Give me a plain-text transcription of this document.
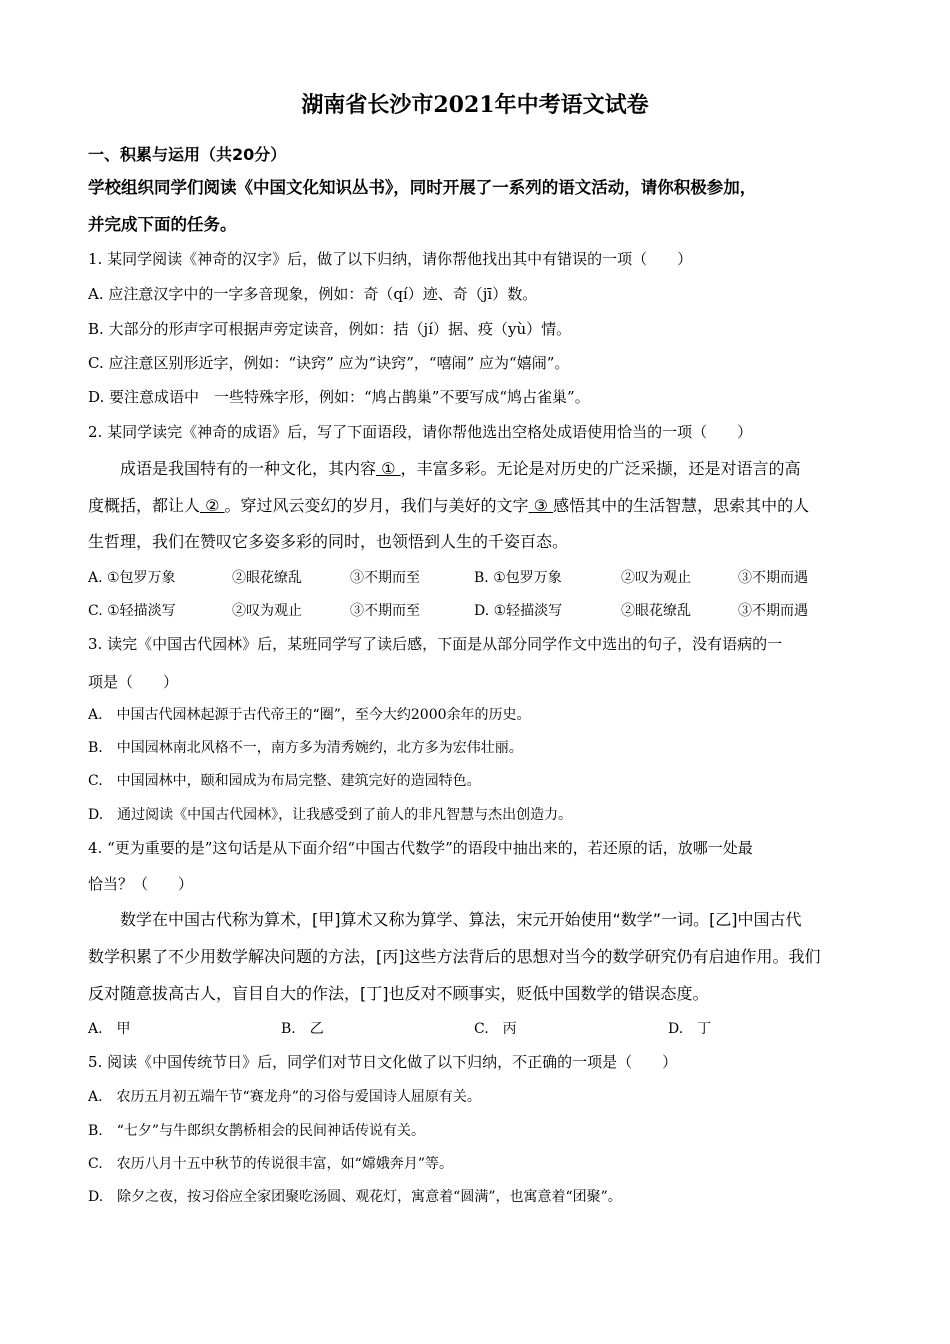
湖南省长沙市2021年中考语文试卷
一、积累与运用（共20分）
学校组织同学们阅读《中国文化知识丛书》，同时开展了一系列的语文活动，请你积极参加，
并完成下面的任务。
1. 某同学阅读《神奇的汉字》后，做了以下归纳，请你帮他找出其中有错误的一项（　　）
A. 应注意汉字中的一字多音现象，例如：奇（qí）迹、奇（jī）数。
B. 大部分的形声字可根据声旁定读音，例如：拮（jí）据、疫（yù）情。
C. 应注意区别形近字，例如：“诀窍” 应为“诀窍”，“嘻闹” 应为“嬉闹”。
D. 要注意成语中　一些特殊字形，例如：“鸠占鹊巢”不要写成“鸠占雀巢”。
2. 某同学读完《神奇的成语》后，写了下面语段，请你帮他选出空格处成语使用恰当的一项（　　）
成语是我国特有的一种文化，其内容 ① ，丰富多彩。无论是对历史的广泛采撷，还是对语言的高
度概括，都让人 ② 。穿过风云变幻的岁月，我们与美好的文字 ③ 感悟其中的生活智慧，思索其中的人
生哲理，我们在赞叹它多姿多彩的同时，也领悟到人生的千姿百态。
A. ①包罗万象	②眼花缭乱	③不期而至	B. ①包罗万象	②叹为观止	③不期而遇
C. ①轻描淡写	②叹为观止	③不期而至	D. ①轻描淡写	②眼花缭乱	③不期而遇
3. 读完《中国古代园林》后，某班同学写了读后感，下面是从部分同学作文中选出的句子，没有语病的一
项是（　　）
A.　中国古代园林起源于古代帝王的“圈”，至今大约2000余年的历史。
B.　中国园林南北风格不一，南方多为清秀婉约，北方多为宏伟壮丽。
C.　中国园林中，颐和园成为布局完整、建筑完好的造园特色。
D.　通过阅读《中国古代园林》，让我感受到了前人的非凡智慧与杰出创造力。
4. “更为重要的是”这句话是从下面介绍“中国古代数学”的语段中抽出来的，若还原的话，放哪一处最
恰当？（　　）
数学在中国古代称为算术，[甲]算术又称为算学、算法，宋元开始使用“数学”一词。[乙]中国古代
数学积累了不少用数学解决问题的方法，[丙]这些方法背后的思想对当今的数学研究仍有启迪作用。我们
反对随意拔高古人，盲目自大的作法，[丁]也反对不顾事实，贬低中国数学的错误态度。
A.　甲	B.　乙	C.　丙	D.　丁
5. 阅读《中国传统节日》后，同学们对节日文化做了以下归纳，不正确的一项是（　　）
A.　农历五月初五端午节“赛龙舟”的习俗与爱国诗人屈原有关。
B.　“七夕”与牛郎织女鹊桥相会的民间神话传说有关。
C.　农历八月十五中秋节的传说很丰富，如“嫦娥奔月”等。
D.　除夕之夜，按习俗应全家团聚吃汤圆、观花灯，寓意着“圆满”，也寓意着“团聚”。
